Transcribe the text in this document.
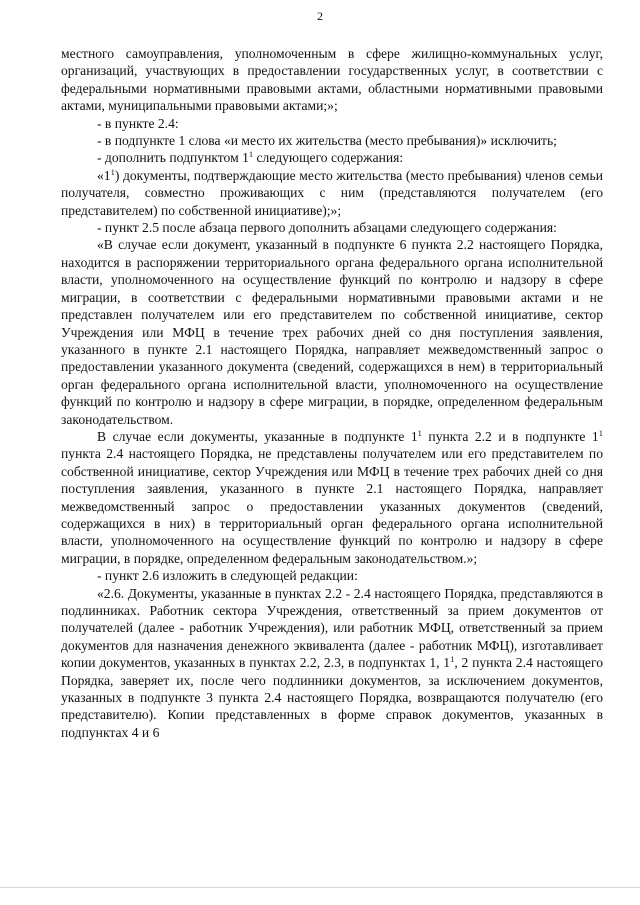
2

местного самоуправления, уполномоченным в сфере жилищно-коммунальных услуг, организаций, участвующих в предоставлении государственных услуг, в соответствии с федеральными нормативными правовыми актами, областными нормативными правовыми актами, муниципальными правовыми актами;»;

- в пункте 2.4:

- в подпункте 1 слова «и место их жительства (место пребывания)» исключить;

- дополнить подпунктом $1^1$ следующего содержания:

«$1^1$) документы, подтверждающие место жительства (место пребывания) членов семьи получателя, совместно проживающих с ним (представляются получателем (его представителем) по собственной инициативе);»;

- пункт 2.5 после абзаца первого дополнить абзацами следующего содержания:

«В случае если документ, указанный в подпункте 6 пункта 2.2 настоящего Порядка, находится в распоряжении территориального органа федерального органа исполнительной власти, уполномоченного на осуществление функций по контролю и надзору в сфере миграции, в соответствии с федеральными нормативными правовыми актами и не представлен получателем или его представителем по собственной инициативе, сектор Учреждения или МФЦ в течение трех рабочих дней со дня поступления заявления, указанного в пункте 2.1 настоящего Порядка, направляет межведомственный запрос о предоставлении указанного документа (сведений, содержащихся в нем) в территориальный орган федерального органа исполнительной власти, уполномоченного на осуществление функций по контролю и надзору в сфере миграции, в порядке, определенном федеральным законодательством.

В случае если документы, указанные в подпункте $1^1$ пункта 2.2 и в подпункте $1^1$ пункта 2.4 настоящего Порядка, не представлены получателем или его представителем по собственной инициативе, сектор Учреждения или МФЦ в течение трех рабочих дней со дня поступления заявления, указанного в пункте 2.1 настоящего Порядка, направляет межведомственный запрос о предоставлении указанных документов (сведений, содержащихся в них) в территориальный орган федерального органа исполнительной власти, уполномоченного на осуществление функций по контролю и надзору в сфере миграции, в порядке, определенном федеральным законодательством.»;

- пункт 2.6 изложить в следующей редакции:

«2.6. Документы, указанные в пунктах 2.2 - 2.4 настоящего Порядка, представляются в подлинниках. Работник сектора Учреждения, ответственный за прием документов от получателей (далее - работник Учреждения), или работник МФЦ, ответственный за прием документов для назначения денежного эквивалента (далее - работник МФЦ), изготавливает копии документов, указанных в пунктах 2.2, 2.3, в подпунктах 1, $1^1$, 2 пункта 2.4 настоящего Порядка, заверяет их, после чего подлинники документов, за исключением документов, указанных в подпункте 3 пункта 2.4 настоящего Порядка, возвращаются получателю (его представителю). Копии представленных в форме справок документов, указанных в подпунктах 4 и 6
